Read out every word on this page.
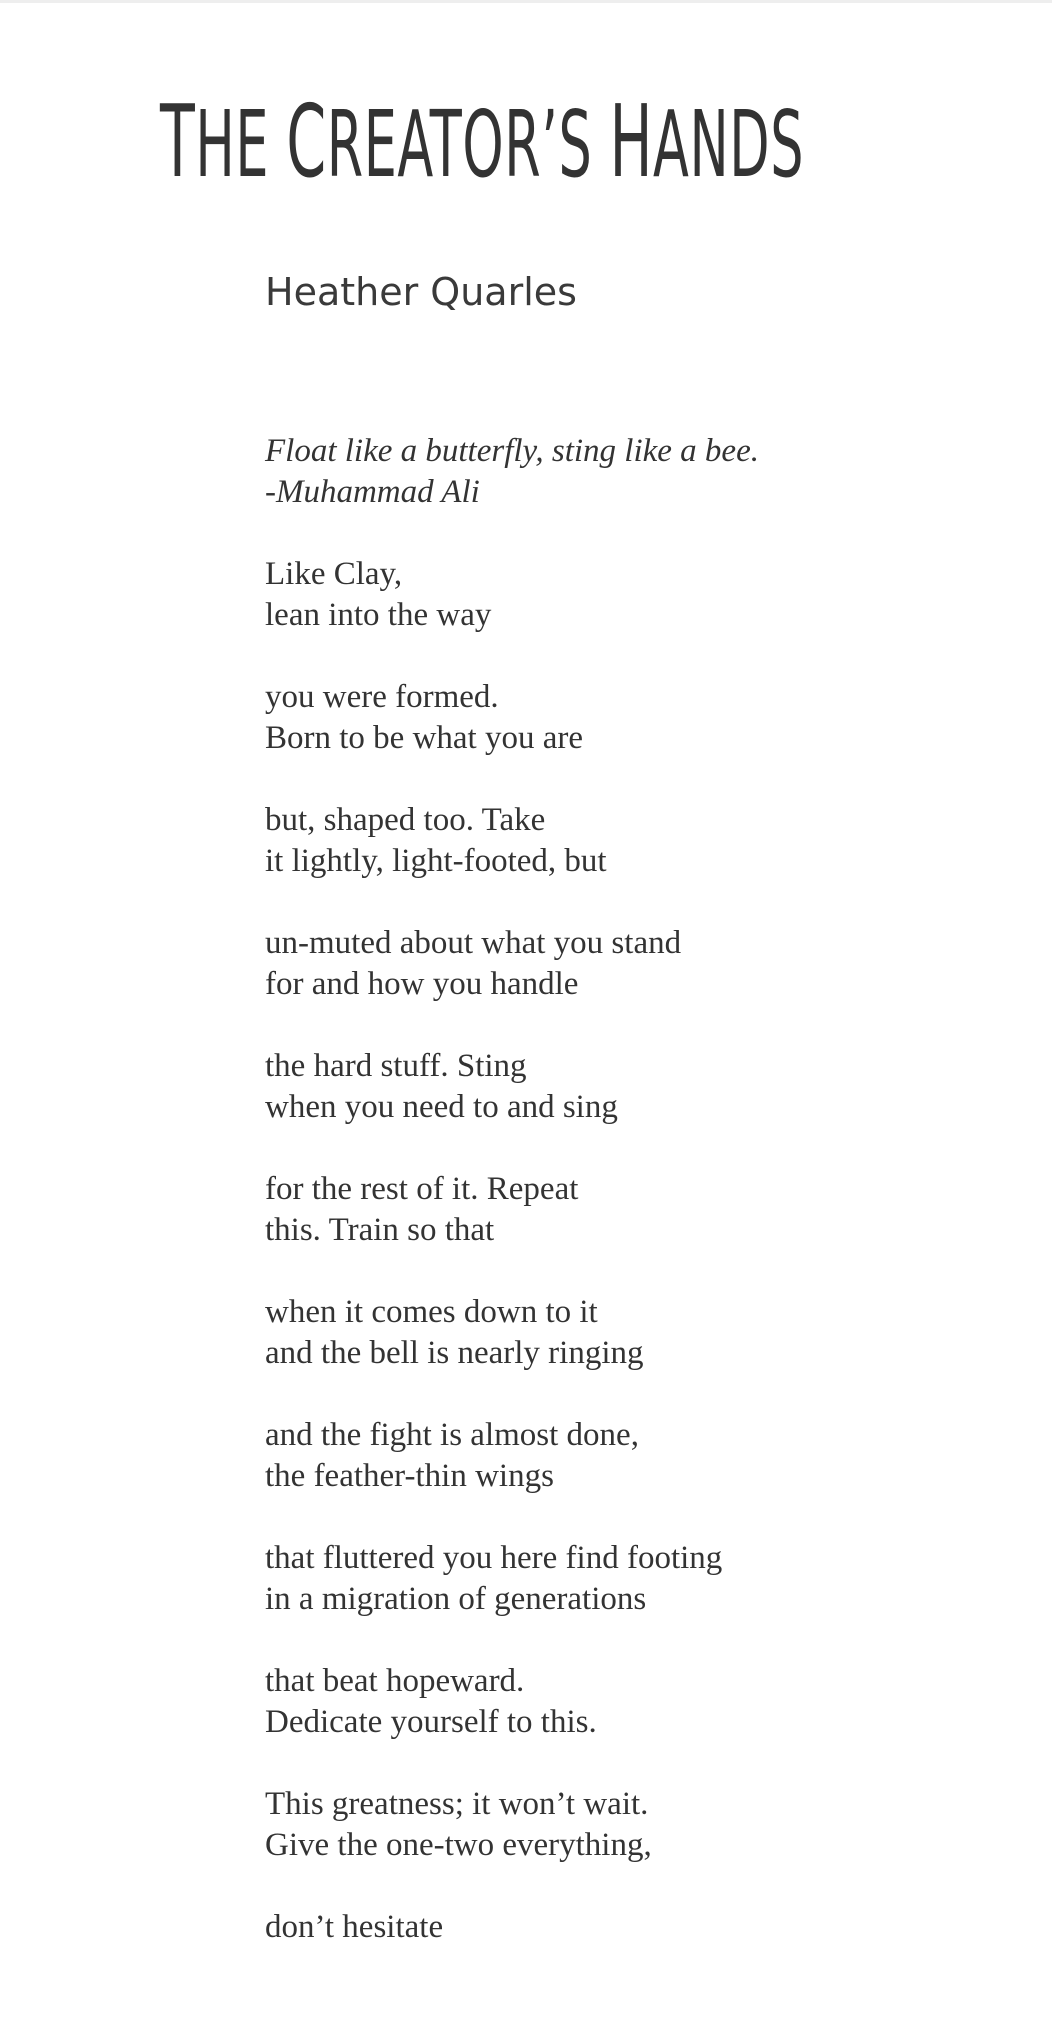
THE CREATOR’S HANDS
Heather Quarles
Float like a butterfly, sting like a bee.
-Muhammad Ali
Like Clay,
lean into the way
you were formed.
Born to be what you are
but, shaped too. Take
it lightly, light-footed, but
un-muted about what you stand
for and how you handle
the hard stuff. Sting
when you need to and sing
for the rest of it. Repeat
this. Train so that
when it comes down to it
and the bell is nearly ringing
and the fight is almost done,
the feather-thin wings
that fluttered you here find footing
in a migration of generations
that beat hopeward.
Dedicate yourself to this.
This greatness; it won’t wait.
Give the one-two everything,
don’t hesitate
